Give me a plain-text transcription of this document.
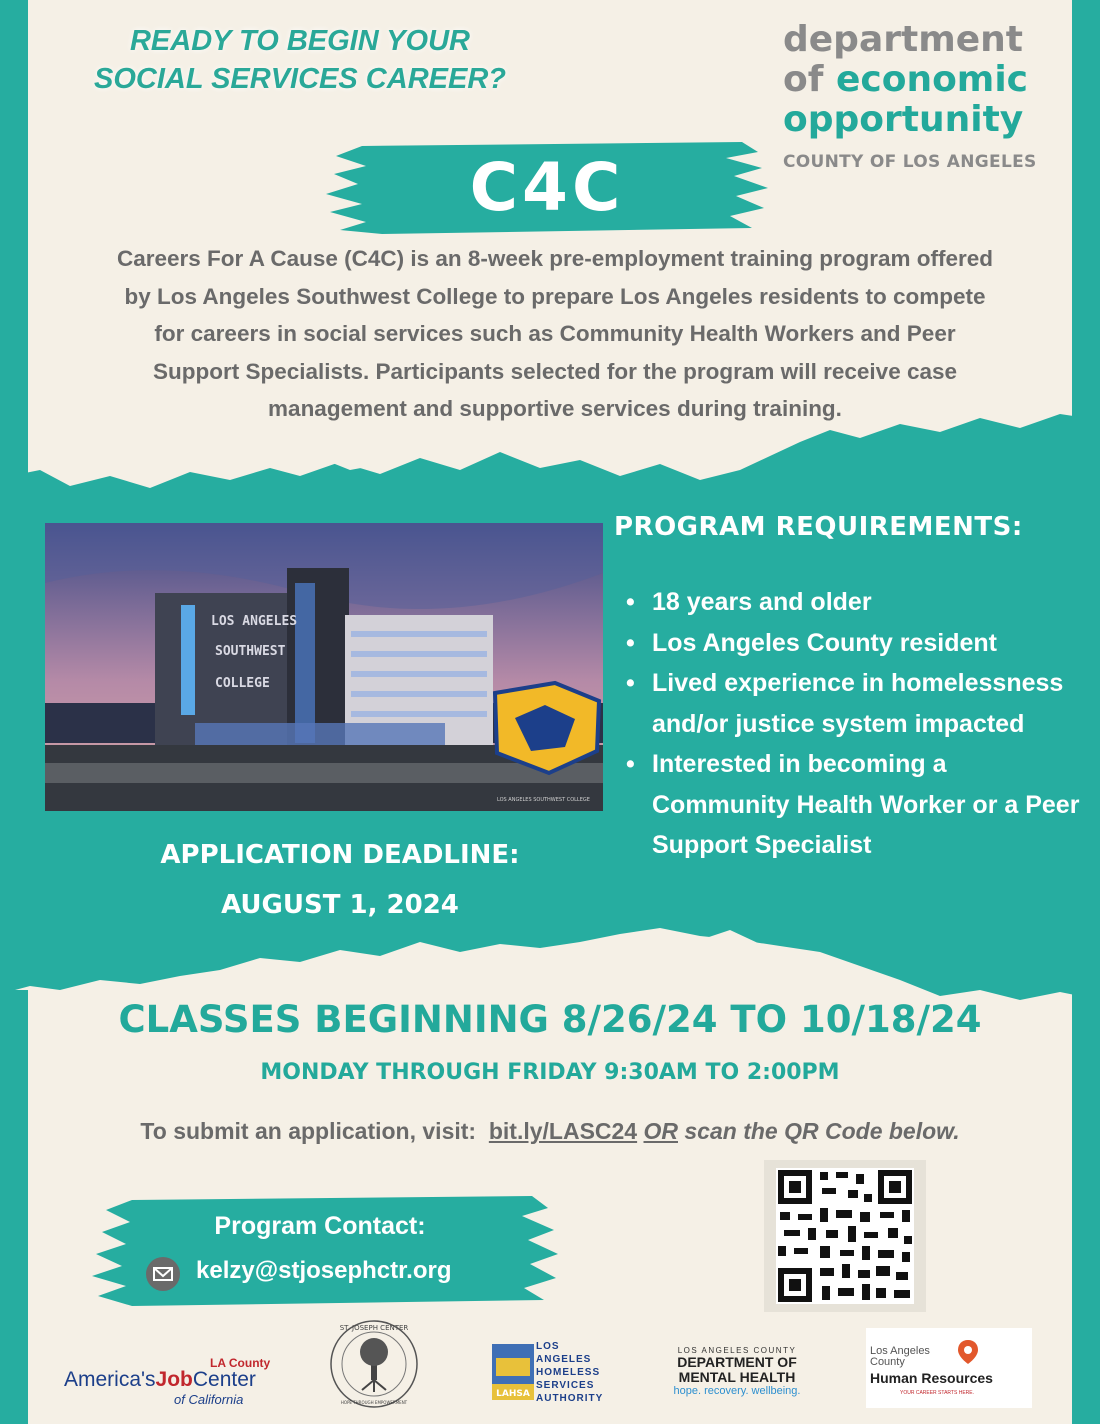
READY TO BEGIN YOUR
SOCIAL SERVICES CAREER?
department
of economic
opportunity
COUNTY OF LOS ANGELES
C4C
Careers For A Cause (C4C) is an 8-week pre-employment training program offered by Los Angeles Southwest College to prepare Los Angeles residents to compete for careers in social services such as Community Health Workers and Peer Support Specialists. Participants selected for the program will receive case management and supportive services during training.
LOS ANGELES
SOUTHWEST
COLLEGE
LOS ANGELES SOUTHWEST COLLEGE
PROGRAM REQUIREMENTS:
• 18 years and older
• Los Angeles County resident
• Lived experience in homelessness and/or justice system impacted
• Interested in becoming a Community Health Worker or a Peer Support Specialist
APPLICATION DEADLINE:
AUGUST 1, 2024
CLASSES BEGINNING 8/26/24 TO 10/18/24
MONDAY THROUGH FRIDAY 9:30AM TO 2:00PM
To submit an application, visit: bit.ly/LASC24 OR scan the QR Code below.
Program Contact:
kelzy@stjosephctr.org
LA County
America'sJobCenter
of California
ST. JOSEPH CENTER
HOPE THROUGH EMPOWERMENT
LAHSA
LOS ANGELES
HOMELESS
SERVICES
AUTHORITY
LOS ANGELES COUNTY
DEPARTMENT OF
MENTAL HEALTH
hope. recovery. wellbeing.
Los Angeles
County
Human Resources
YOUR CAREER STARTS HERE.
